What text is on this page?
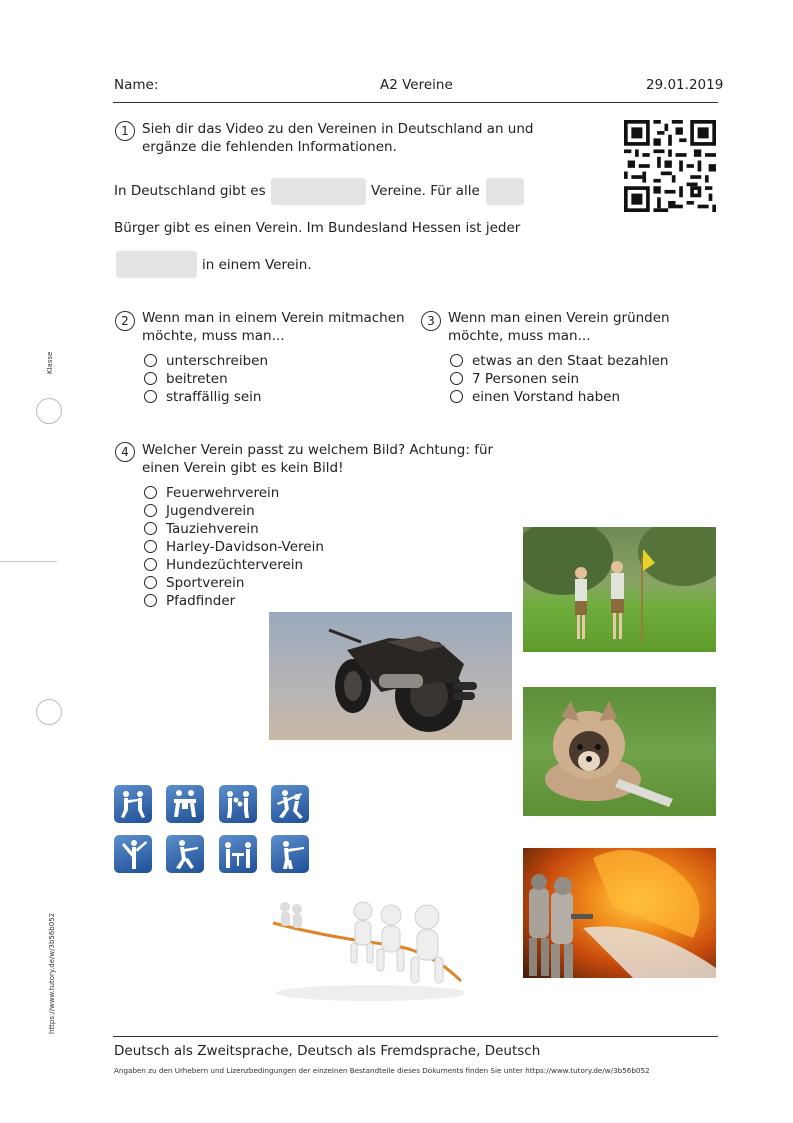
Klasse
https://www.tutory.de/w/3b56b052
Name:	A2 Vereine	29.01.2019
1 Sieh dir das Video zu den Vereinen in Deutschland an und
ergänze die fehlenden Informationen.
In Deutschland gibt es	Vereine. Für alle
Bürger gibt es einen Verein. Im Bundesland Hessen ist jeder
in einem Verein.
2 Wenn man in einem Verein mitmachen
möchte, muss man...
unterschreiben
beitreten
straffällig sein
3 Wenn man einen Verein gründen
möchte, muss man...
etwas an den Staat bezahlen
7 Personen sein
einen Vorstand haben
4 Welcher Verein passt zu welchem Bild? Achtung: für
einen Verein gibt es kein Bild!
Feuerwehrverein
Jugendverein
Tauziehverein
Harley-Davidson-Verein
Hundezüchterverein
Sportverein
Pfadfinder
Deutsch als Zweitsprache, Deutsch als Fremdsprache, Deutsch
Angaben zu den Urhebern und Lizenzbedingungen der einzelnen Bestandteile dieses Dokuments finden Sie unter https://www.tutory.de/w/3b56b052
